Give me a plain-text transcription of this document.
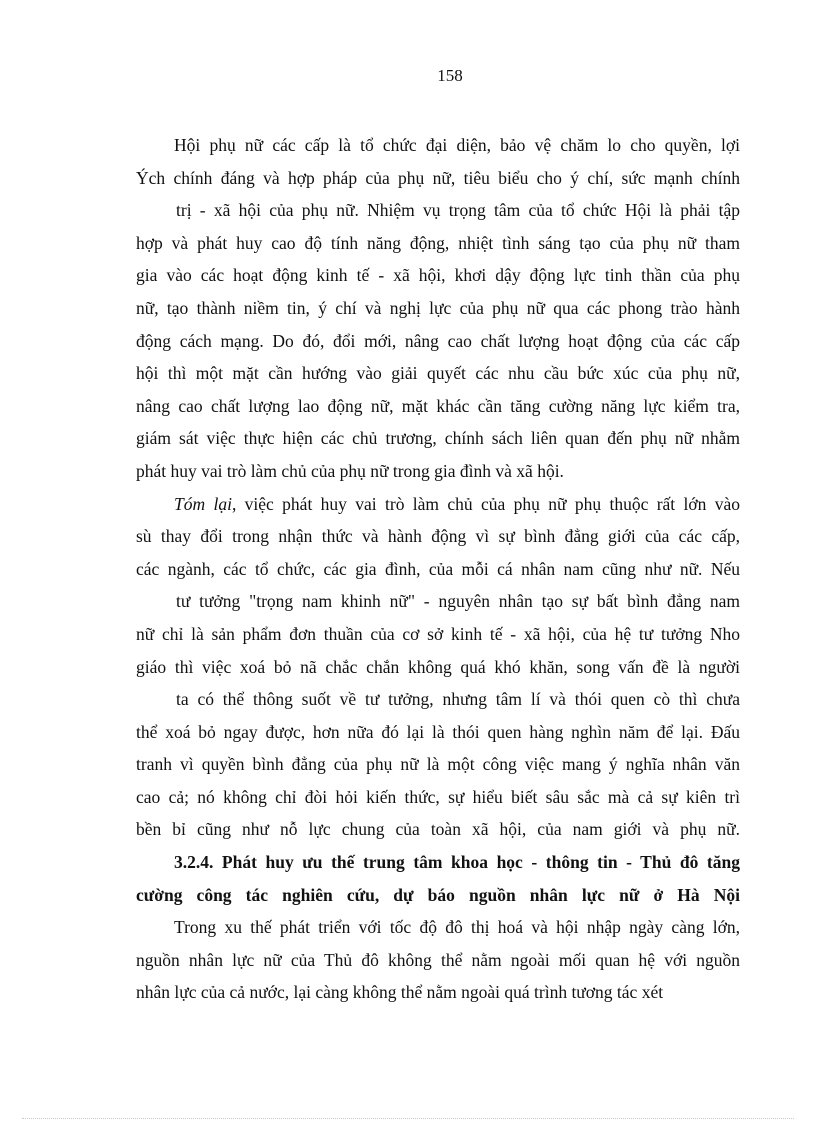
158
Hội phụ nữ các cấp là tổ chức đại diện, bảo vệ chăm lo cho quyền, lợi
Ých chính đáng và hợp pháp của phụ nữ, tiêu biểu cho ý chí, sức mạnh chính
trị - xã hội của phụ nữ. Nhiệm vụ trọng tâm của tổ chức Hội là phải tập
hợp và phát huy cao độ tính năng động, nhiệt tình sáng tạo của phụ nữ tham
gia vào các hoạt động kinh tế - xã hội, khơi dậy động lực tinh thần của phụ
nữ, tạo thành niềm tin, ý chí và nghị lực của phụ nữ qua các phong trào hành
động cách mạng. Do đó, đổi mới, nâng cao chất lượng hoạt động của các cấp
hội thì một mặt cần hướng vào giải quyết các nhu cầu bức xúc của phụ nữ,
nâng cao chất lượng lao động nữ, mặt khác cần tăng cường năng lực kiểm tra,
giám sát việc thực hiện các chủ trương, chính sách liên quan đến phụ nữ nhằm
phát huy vai trò làm chủ của phụ nữ trong gia đình và xã hội.
Tóm lại, việc phát huy vai trò làm chủ của phụ nữ phụ thuộc rất lớn vào
sù thay đổi trong nhận thức và hành động vì sự bình đẳng giới của các cấp,
các ngành, các tổ chức, các gia đình, của mỗi cá nhân nam cũng như nữ. Nếu
tư tưởng "trọng nam khinh nữ" - nguyên nhân tạo sự bất bình đẳng nam
nữ chỉ là sản phẩm đơn thuần của cơ sở kinh tế - xã hội, của hệ tư tưởng Nho
giáo thì việc xoá bỏ nã chắc chắn không quá khó khăn, song vấn đề là người
ta có thể thông suốt về tư tưởng, nhưng tâm lí và thói quen cò thì chưa
thể xoá bỏ ngay được, hơn nữa đó lại là thói quen hàng nghìn năm để lại. Đấu
tranh vì quyền bình đẳng của phụ nữ là một công việc mang ý nghĩa nhân văn
cao cả; nó không chỉ đòi hỏi kiến thức, sự hiểu biết sâu sắc mà cả sự kiên trì
bền bỉ cũng như nỗ lực chung của toàn xã hội, của nam giới và phụ nữ.
3.2.4. Phát huy ưu thế trung tâm khoa học - thông tin - Thủ đô tăng
cường công tác nghiên cứu, dự báo nguồn nhân lực nữ ở Hà Nội
Trong xu thế phát triển với tốc độ đô thị hoá và hội nhập ngày càng lớn,
nguồn nhân lực nữ của Thủ đô không thể nằm ngoài mối quan hệ với nguồn
nhân lực của cả nước, lại càng không thể nằm ngoài quá trình tương tác xét
